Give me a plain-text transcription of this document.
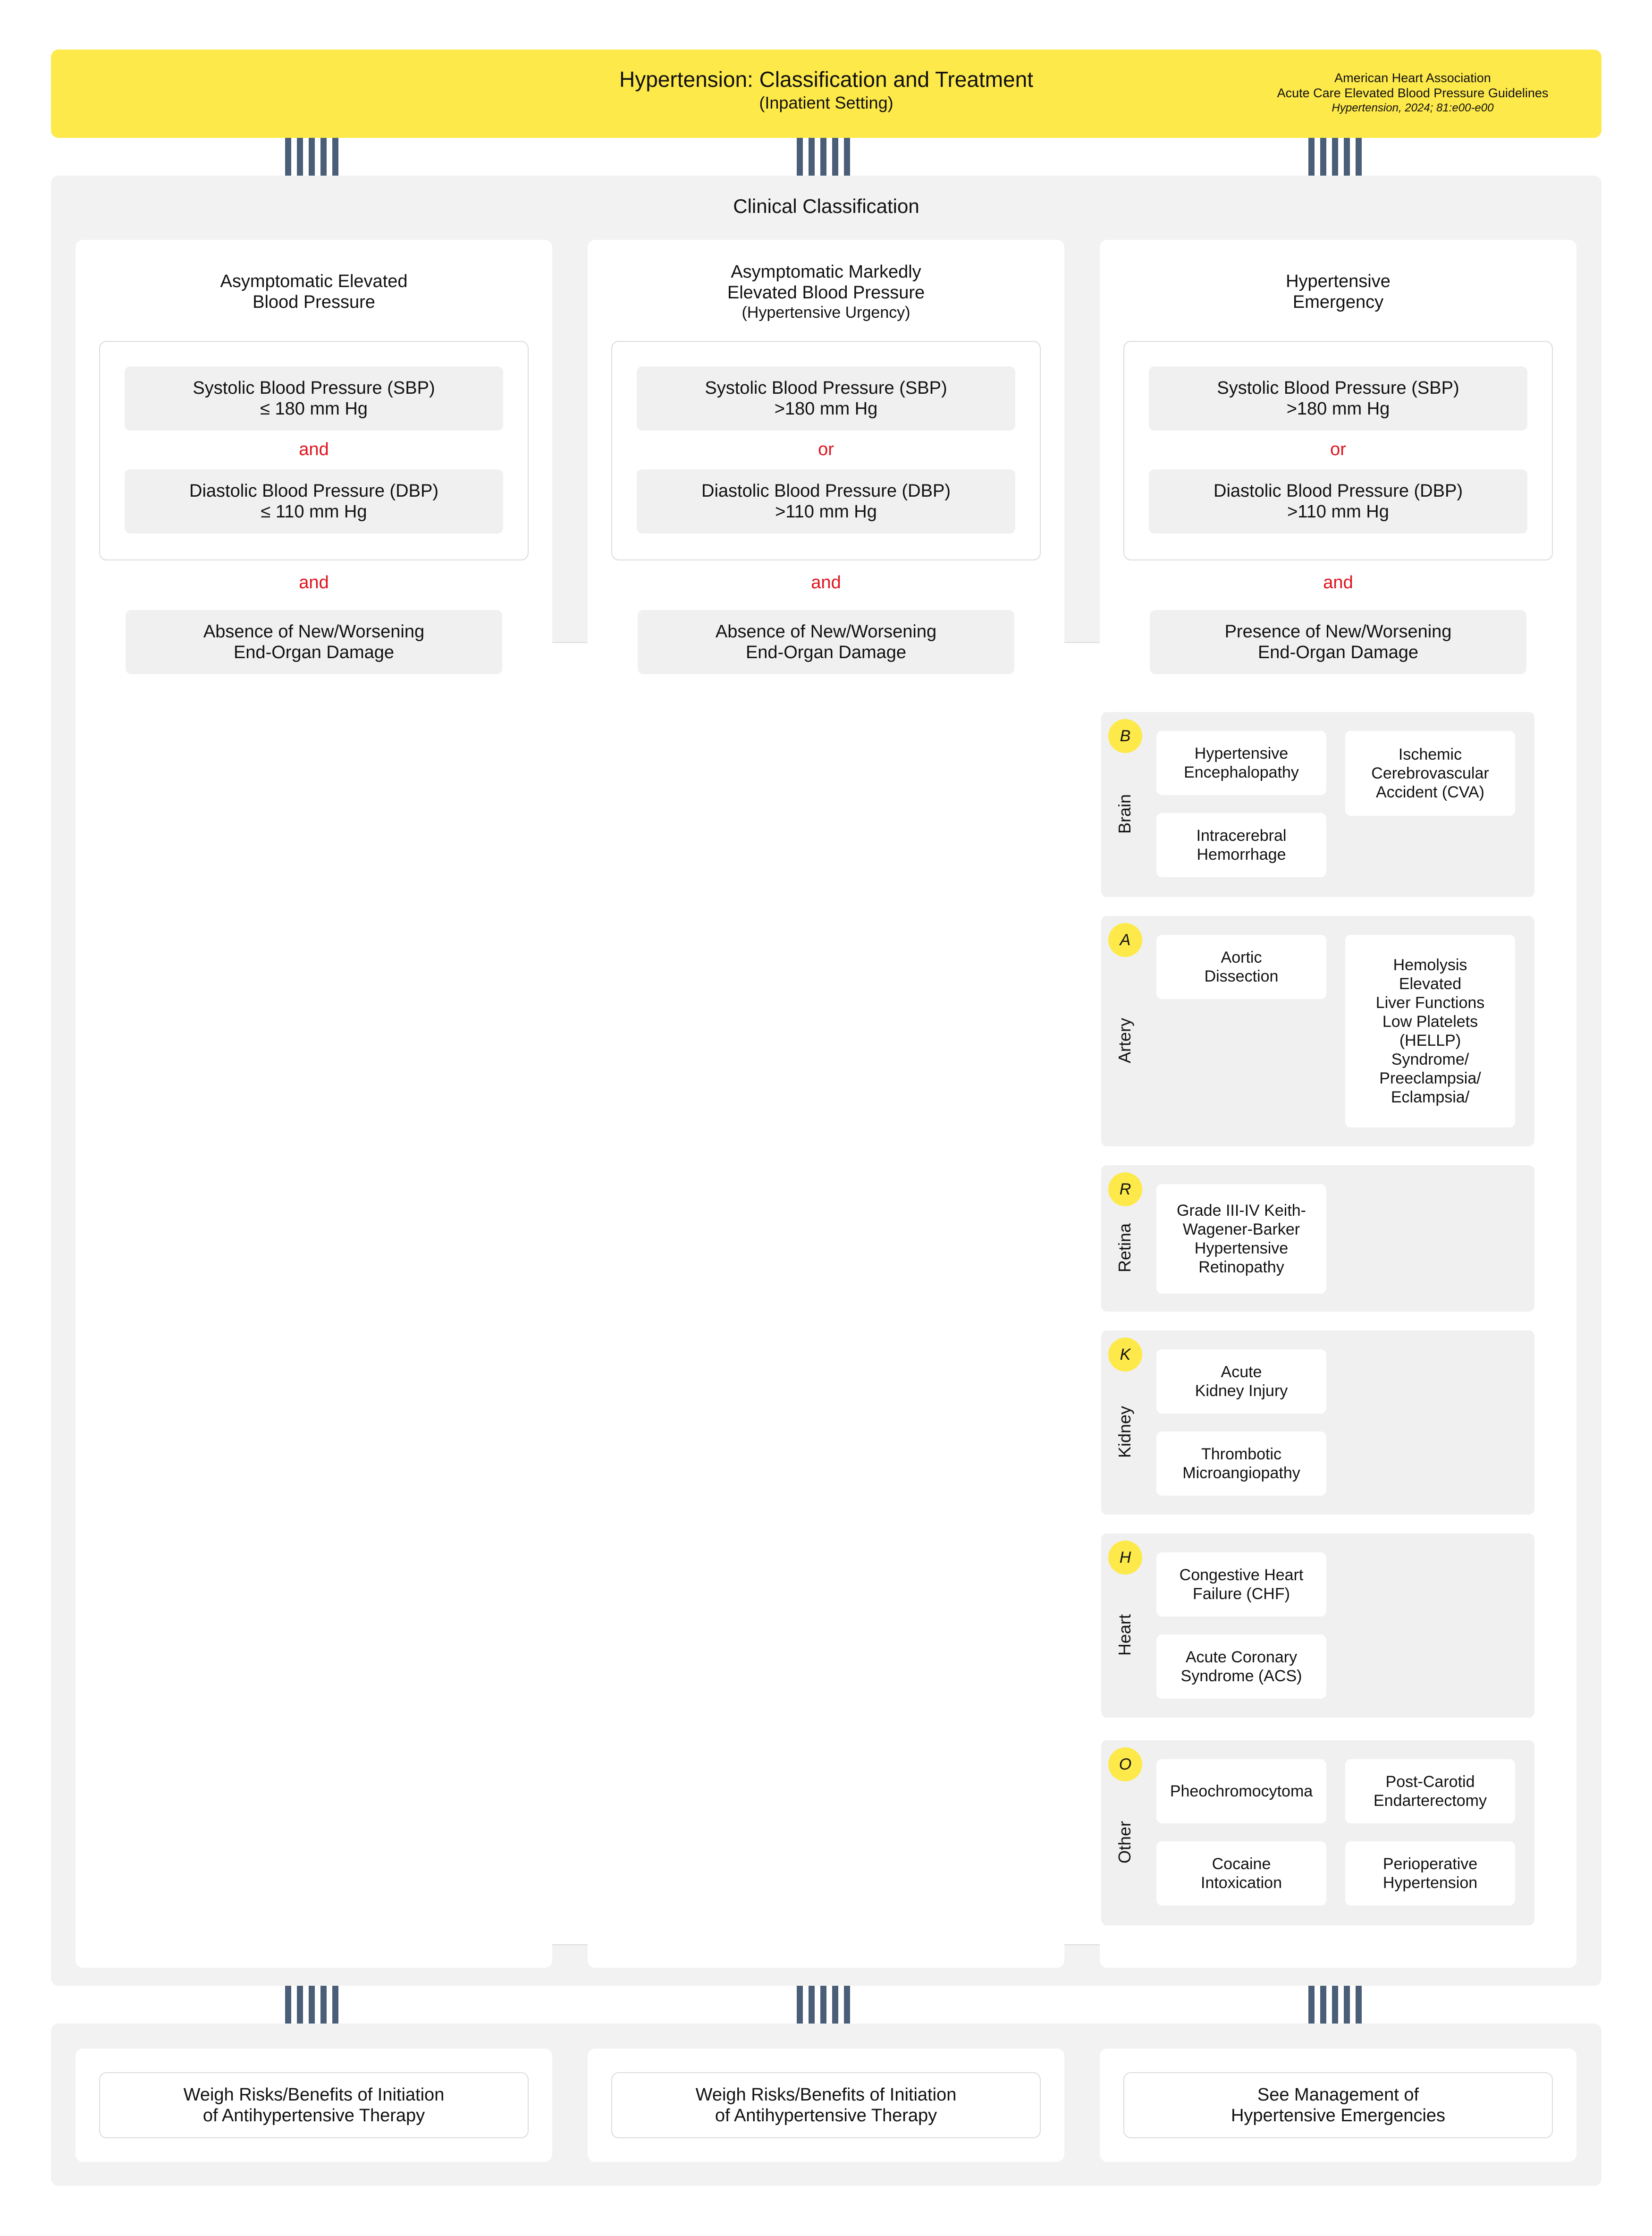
Hypertension: Classification and Treatment
(Inpatient Setting)
American Heart Association
Acute Care Elevated Blood Pressure Guidelines
Hypertension, 2024; 81:e00-e00
Clinical Classification
Absence of New/Worsening
End-Organ Damage
Absence of New/Worsening
End-Organ Damage
Presence of New/Worsening
End-Organ Damage
B
Brain
Hypertensive
Encephalopathy
Ischemic
Cerebrovascular
Accident (CVA)
Intracerebral
Hemorrhage
A
Artery
Aortic
Dissection
Hemolysis
Elevated
Liver Functions
Low Platelets
(HELLP)
Syndrome/
Preeclampsia/
Eclampsia/
R
Retina
Grade III-IV Keith-
Wagener-Barker
Hypertensive
Retinopathy
K
Kidney
Acute
Kidney Injury
Thrombotic
Microangiopathy
H
Heart
Congestive Heart
Failure (CHF)
Acute Coronary
Syndrome (ACS)
O
Other
Pheochromocytoma
Post-Carotid
Endarterectomy
Cocaine
Intoxication
Perioperative
Hypertension
Weigh Risks/Benefits of Initiation
of Antihypertensive Therapy
Weigh Risks/Benefits of Initiation
of Antihypertensive Therapy
See Management of
Hypertensive Emergencies
Asymptomatic Elevated
Blood Pressure
Systolic Blood Pressure (SBP)
≤ 180 mm Hg
and
Diastolic Blood Pressure (DBP)
≤ 110 mm Hg
and
Asymptomatic Markedly
Elevated Blood Pressure
(Hypertensive Urgency)
Systolic Blood Pressure (SBP)
>180 mm Hg
or
Diastolic Blood Pressure (DBP)
>110 mm Hg
and
Hypertensive
Emergency
Systolic Blood Pressure (SBP)
>180 mm Hg
or
Diastolic Blood Pressure (DBP)
>110 mm Hg
and
